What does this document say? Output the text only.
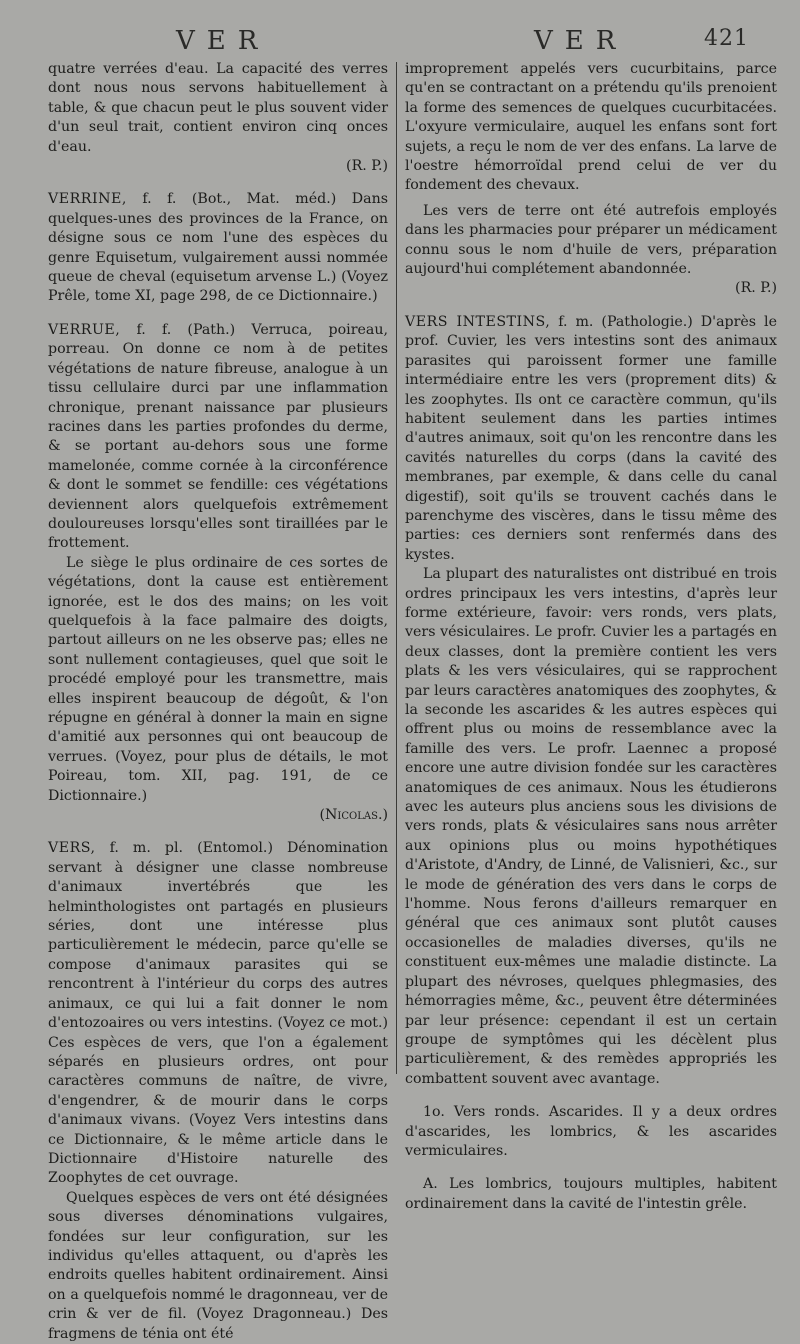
VER	VER	421

quatre verrées d'eau. La capacité des verres dont nous nous servons habituellement à table, & que chacun peut le plus souvent vider d'un seul trait, contient environ cinq onces d'eau.

(R. P.)

VERRINE, f. f. (Bot., Mat. méd.) Dans quelques-unes des provinces de la France, on désigne sous ce nom l'une des espèces du genre Equisetum, vulgairement aussi nommée queue de cheval (equisetum arvense L.) (Voyez Prêle, tome XI, page 298, de ce Dictionnaire.)

VERRUE, f. f. (Path.) Verruca, poireau, porreau. On donne ce nom à de petites végétations de nature fibreuse, analogue à un tissu cellulaire durci par une inflammation chronique, prenant naissance par plusieurs racines dans les parties profondes du derme, & se portant au-dehors sous une forme mamelonée, comme cornée à la circonférence & dont le sommet se fendille: ces végétations deviennent alors quelquefois extrêmement douloureuses lorsqu'elles sont tiraillées par le frottement.

Le siège le plus ordinaire de ces sortes de végétations, dont la cause est entièrement ignorée, est le dos des mains; on les voit quelquefois à la face palmaire des doigts, partout ailleurs on ne les observe pas; elles ne sont nullement contagieuses, quel que soit le procédé employé pour les transmettre, mais elles inspirent beaucoup de dégoût, & l'on répugne en général à donner la main en signe d'amitié aux personnes qui ont beaucoup de verrues. (Voyez, pour plus de détails, le mot Poireau, tom. XII, pag. 191, de ce Dictionnaire.)

(Nicolas.)

VERS, f. m. pl. (Entomol.) Dénomination servant à désigner une classe nombreuse d'animaux invertébrés que les helminthologistes ont partagés en plusieurs séries, dont une intéresse plus particulièrement le médecin, parce qu'elle se compose d'animaux parasites qui se rencontrent à l'intérieur du corps des autres animaux, ce qui lui a fait donner le nom d'entozoaires ou vers intestins. (Voyez ce mot.) Ces espèces de vers, que l'on a également séparés en plusieurs ordres, ont pour caractères communs de naître, de vivre, d'engendrer, & de mourir dans le corps d'animaux vivans. (Voyez Vers intestins dans ce Dictionnaire, & le même article dans le Dictionnaire d'Histoire naturelle des Zoophytes de cet ouvrage.

Quelques espèces de vers ont été désignées sous diverses dénominations vulgaires, fondées sur leur configuration, sur les individus qu'elles attaquent, ou d'après les endroits quelles habitent ordinairement. Ainsi on a quelquefois nommé le dragonneau, ver de crin & ver de fil. (Voyez Dragonneau.) Des fragmens de ténia ont été

improprement appelés vers cucurbitains, parce qu'en se contractant on a prétendu qu'ils prenoient la forme des semences de quelques cucurbitacées. L'oxyure vermiculaire, auquel les enfans sont fort sujets, a reçu le nom de ver des enfans. La larve de l'oestre hémorroïdal prend celui de ver du fondement des chevaux.

Les vers de terre ont été autrefois employés dans les pharmacies pour préparer un médicament connu sous le nom d'huile de vers, préparation aujourd'hui complétement abandonnée.

(R. P.)

VERS INTESTINS, f. m. (Pathologie.) D'après le prof. Cuvier, les vers intestins sont des animaux parasites qui paroissent former une famille intermédiaire entre les vers (proprement dits) & les zoophytes. Ils ont ce caractère commun, qu'ils habitent seulement dans les parties intimes d'autres animaux, soit qu'on les rencontre dans les cavités naturelles du corps (dans la cavité des membranes, par exemple, & dans celle du canal digestif), soit qu'ils se trouvent cachés dans le parenchyme des viscères, dans le tissu même des parties: ces derniers sont renfermés dans des kystes.

La plupart des naturalistes ont distribué en trois ordres principaux les vers intestins, d'après leur forme extérieure, favoir: vers ronds, vers plats, vers vésiculaires. Le profr. Cuvier les a partagés en deux classes, dont la première contient les vers plats & les vers vésiculaires, qui se rapprochent par leurs caractères anatomiques des zoophytes, & la seconde les ascarides & les autres espèces qui offrent plus ou moins de ressemblance avec la famille des vers. Le profr. Laennec a proposé encore une autre division fondée sur les caractères anatomiques de ces animaux. Nous les étudierons avec les auteurs plus anciens sous les divisions de vers ronds, plats & vésiculaires sans nous arrêter aux opinions plus ou moins hypothétiques d'Aristote, d'Andry, de Linné, de Valisnieri, &c., sur le mode de génération des vers dans le corps de l'homme. Nous ferons d'ailleurs remarquer en général que ces animaux sont plutôt causes occasionelles de maladies diverses, qu'ils ne constituent eux-mêmes une maladie distincte. La plupart des névroses, quelques phlegmasies, des hémorragies même, &c., peuvent être déterminées par leur présence: cependant il est un certain groupe de symptômes qui les décèlent plus particulièrement, & des remèdes appropriés les combattent souvent avec avantage.

1o. Vers ronds. Ascarides. Il y a deux ordres d'ascarides, les lombrics, & les ascarides vermiculaires.

A. Les lombrics, toujours multiples, habitent ordinairement dans la cavité de l'intestin grêle.
